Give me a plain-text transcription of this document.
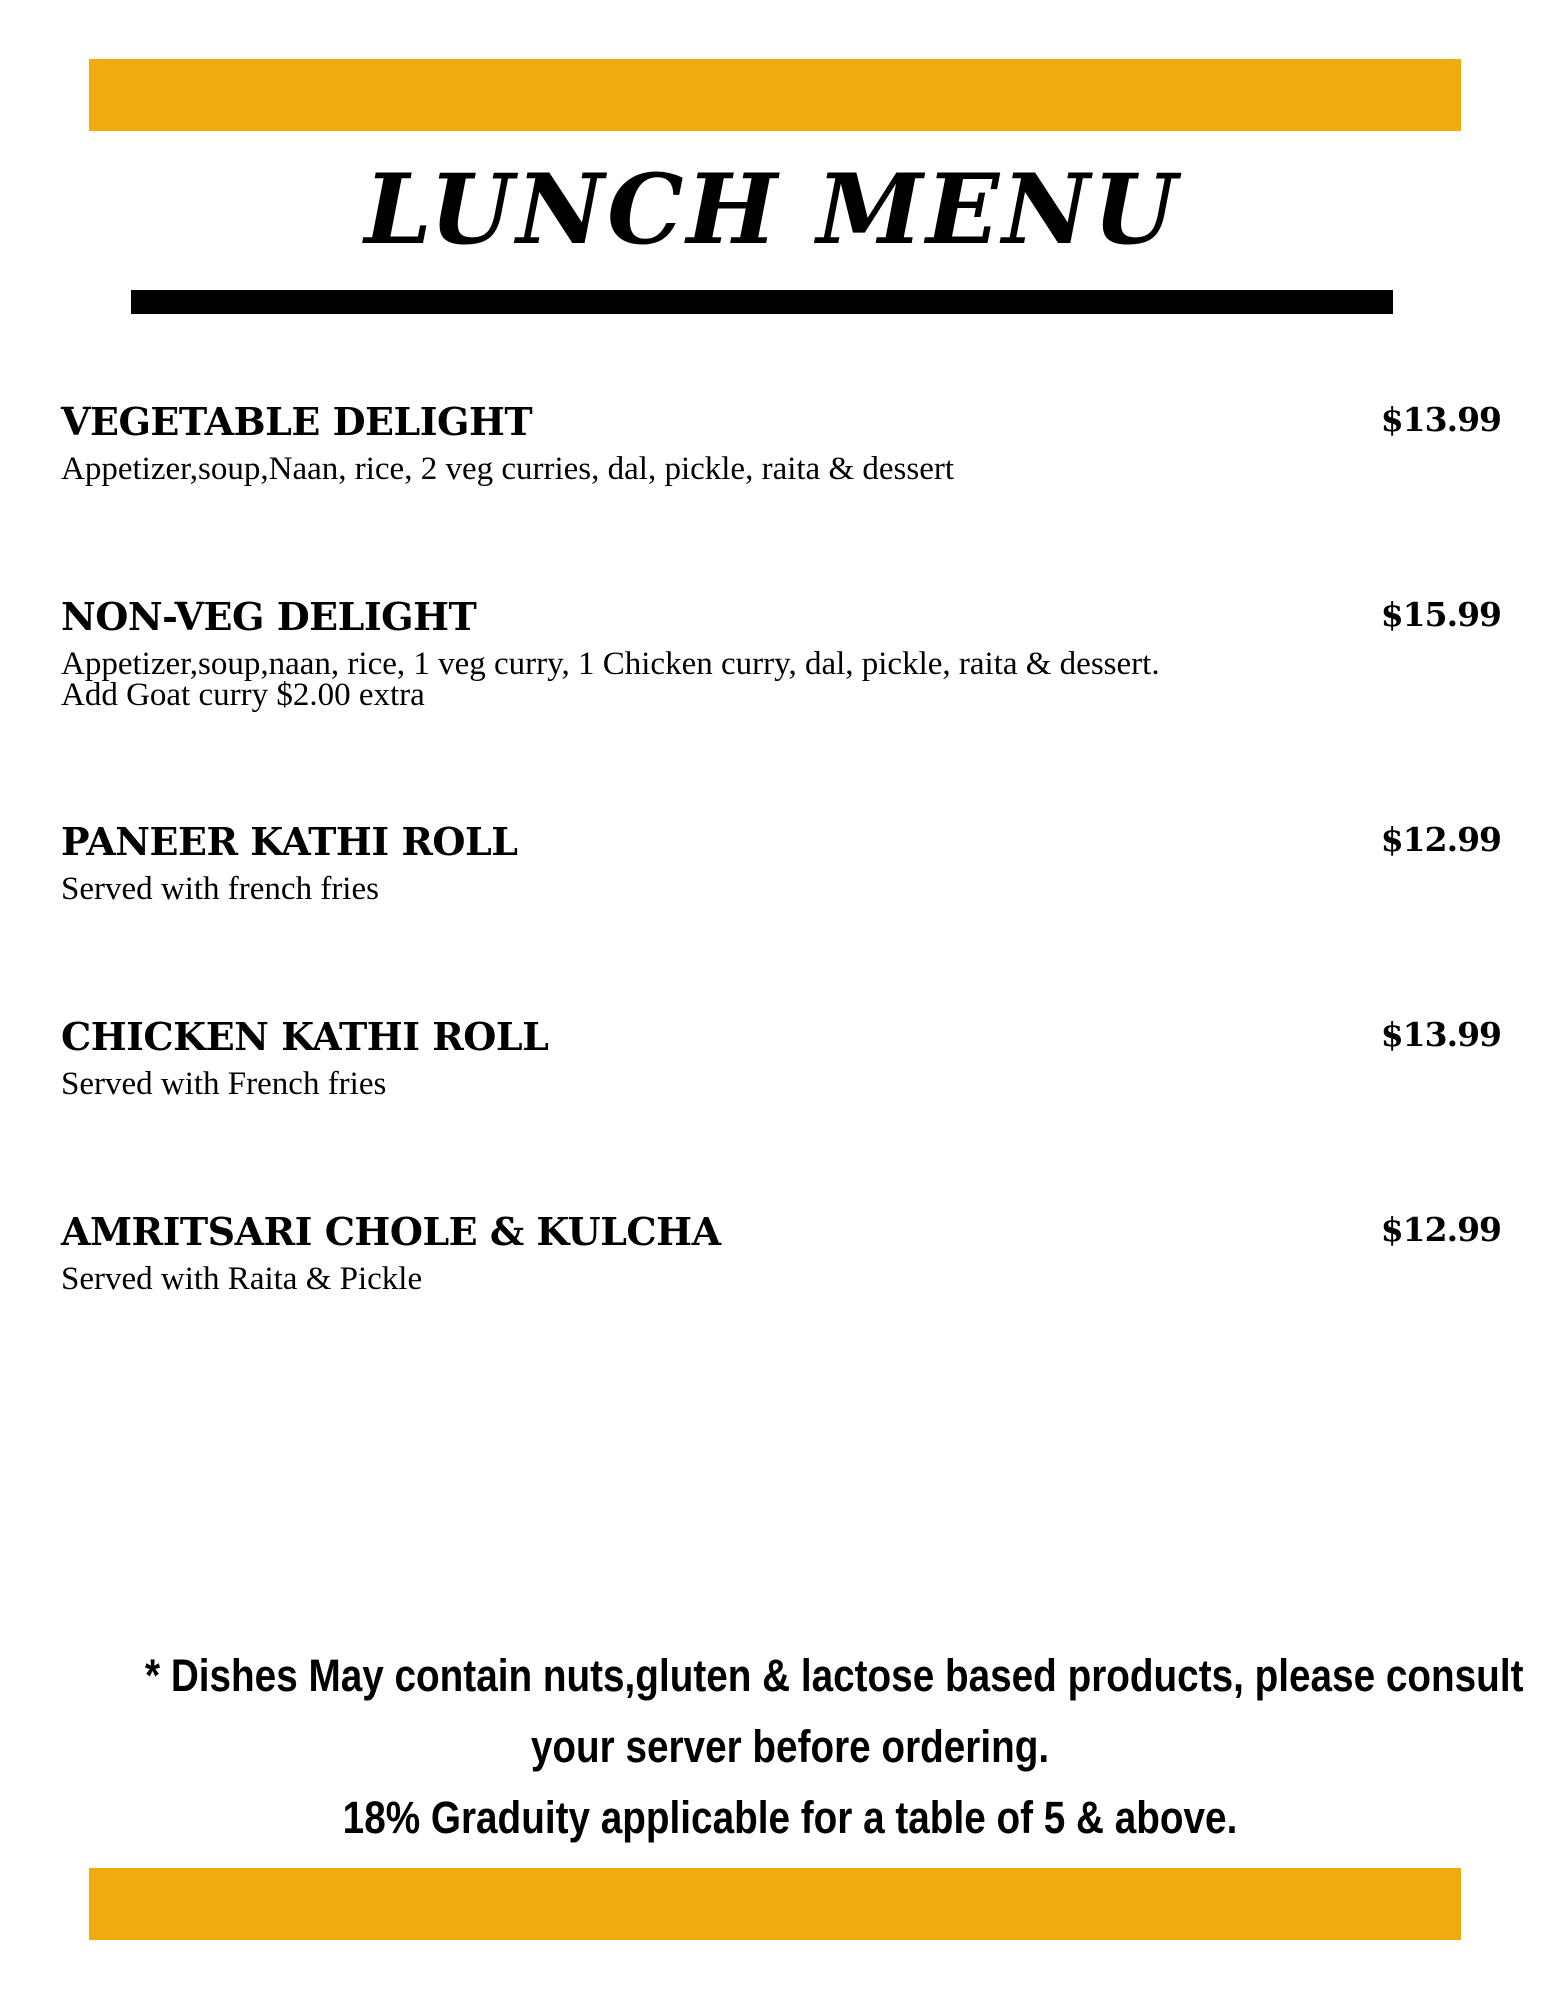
LUNCH MENU
VEGETABLE DELIGHT	$13.99
Appetizer,soup,Naan, rice, 2 veg curries, dal, pickle, raita & dessert
NON-VEG DELIGHT	$15.99
Appetizer,soup,naan, rice, 1 veg curry, 1 Chicken curry, dal, pickle, raita & dessert.
Add Goat curry $2.00 extra
PANEER KATHI ROLL	$12.99
Served with french fries
CHICKEN KATHI ROLL	$13.99
Served with French fries
AMRITSARI CHOLE & KULCHA	$12.99
Served with Raita & Pickle
* Dishes May contain nuts,gluten & lactose based products, please consult
your server before ordering.
18% Graduity applicable for a table of 5 & above.
